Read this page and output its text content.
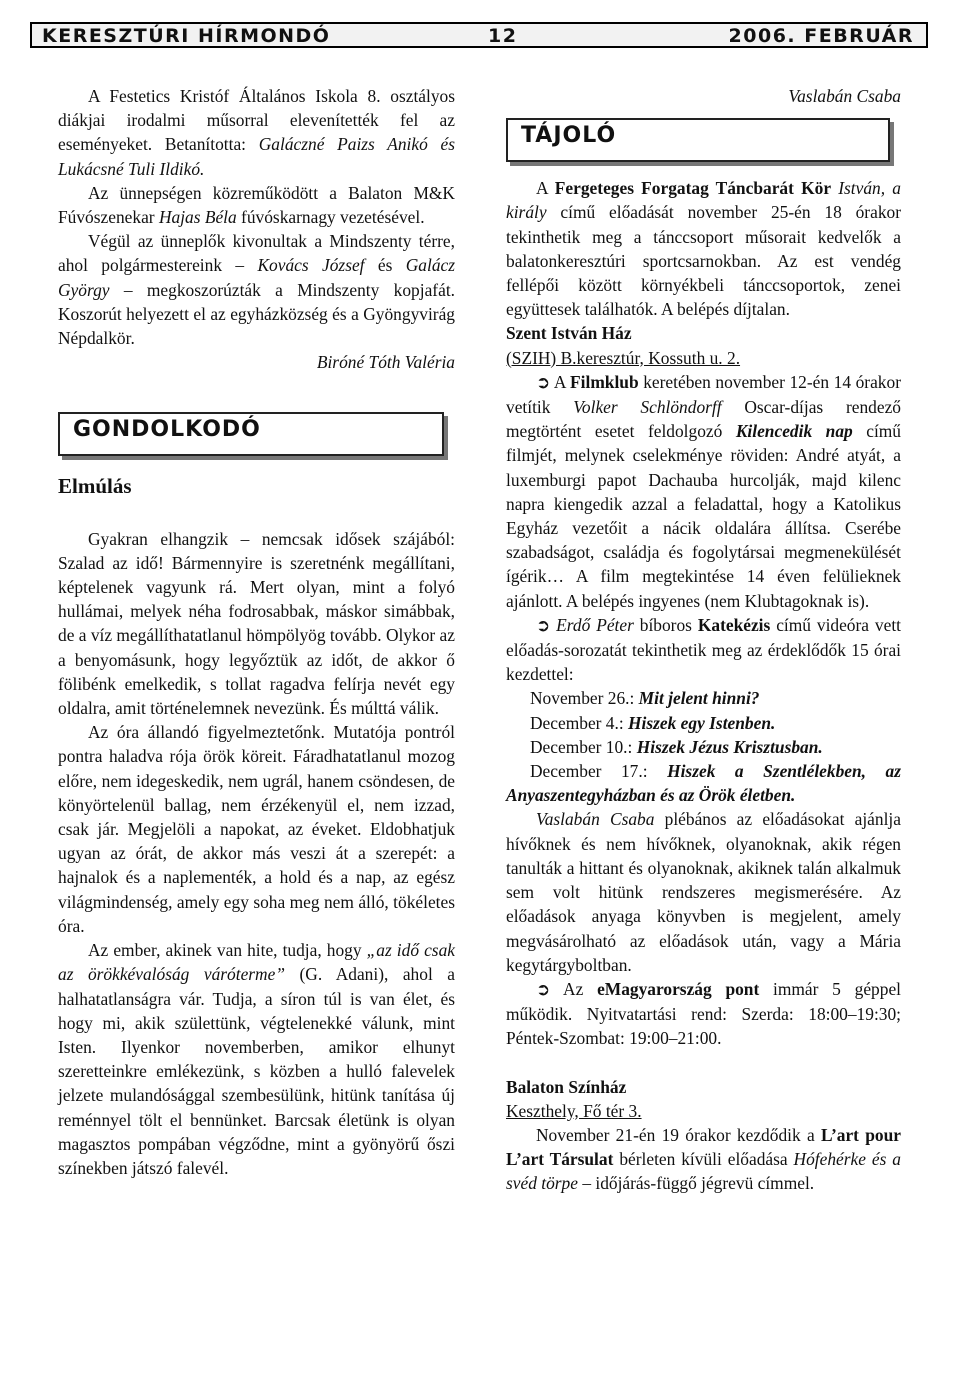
KERESZTÚRI HÍRMONDÓ	12	2006. FEBRUÁR

A Festetics Kristóf Általános Iskola 8. osztályos diákjai irodalmi műsorral elevenítették fel az eseményeket. Betanította: Galáczné Paizs Anikó és Lukácsné Tuli Ildikó.

Az ünnepségen közreműködött a Balaton M&K Fúvószenekar Hajas Béla fúvóskarnagy vezetésével.

Végül az ünneplők kivonultak a Mindszenty térre, ahol polgármestereink – Kovács József és Galácz György – megkoszorúzták a Mindszenty kopjafát. Koszorút helyezett el az egyházközség és a Gyöngyvirág Népdalkör.

Biróné Tóth Valéria

GONDOLKODÓ

Elmúlás

Gyakran elhangzik – nemcsak idősek szájából: Szalad az idő! Bármennyire is szeretnénk megállítani, képtelenek vagyunk rá. Mert olyan, mint a folyó hullámai, melyek néha fodrosabbak, máskor simábbak, de a víz megállíthatatlanul hömpölyög tovább. Olykor az a benyomásunk, hogy legyőztük az időt, de akkor ő fölibénk emelkedik, s tollat ragadva felírja nevét egy oldalra, amit történelemnek nevezünk. És múlttá válik.

Az óra állandó figyelmeztetőnk. Mutatója pontról pontra haladva rója örök köreit. Fáradhatatlanul mozog előre, nem idegeskedik, nem ugrál, hanem csöndesen, de könyörtelenül ballag, nem érzékenyül el, nem izzad, csak jár. Megjelöli a napokat, az éveket. Eldobhatjuk ugyan az órát, de akkor más veszi át a szerepét: a hajnalok és a naplementék, a hold és a nap, az egész világmindenség, amely egy soha meg nem álló, tökéletes óra.

Az ember, akinek van hite, tudja, hogy „az idő csak az örökkévalóság váróterme” (G. Adani), ahol a halhatatlanságra vár. Tudja, a síron túl is van élet, és hogy mi, akik születtünk, végtelenekké válunk, mint Isten. Ilyenkor novemberben, amikor elhunyt szeretteinkre emlékezünk, s közben a hulló falevelek jelzete mulandósággal szembesülünk, hitünk tanítása új reménnyel tölt el bennünket. Barcsak életünk is olyan magasztos pompában végződne, mint a gyönyörű őszi színekben játszó falevél.

Vaslabán Csaba

TÁJOLÓ

A Fergeteges Forgatag Táncbarát Kör István, a király című előadását november 25-én 18 órakor tekinthetik meg a tánccsoport műsorait kedvelők a balatonkeresztúri sportcsarnokban. Az est vendég fellépői között környékbeli tánccsoportok, zenei együttesek találhatók. A belépés díjtalan.

Szent István Ház

(SZIH) B.keresztúr, Kossuth u. 2.

➲ A Filmklub keretében november 12-én 14 órakor vetítik Volker Schlöndorff Oscar-díjas rendező megtörtént esetet feldolgozó Kilencedik nap című filmjét, melynek cselekménye röviden: André atyát, a luxemburgi papot Dachauba hurcolják, majd kilenc napra kiengedik azzal a feladattal, hogy a Katolikus Egyház vezetőit a nácik oldalára állítsa. Cserébe szabadságot, családja és fogolytársai megmenekülését ígérik… A film megtekintése 14 éven felülieknek ajánlott. A belépés ingyenes (nem Klubtagoknak is).

➲ Erdő Péter bíboros Katekézis című videóra vett előadás-sorozatát tekinthetik meg az érdeklődők 15 órai kezdettel:

November 26.: Mit jelent hinni?

December 4.: Hiszek egy Istenben.

December 10.: Hiszek Jézus Krisztusban.

December 17.: Hiszek a Szentlélekben, az Anyaszentegyházban és az Örök életben.

Vaslabán Csaba plébános az előadásokat ajánlja hívőknek és nem hívőknek, olyanoknak, akik régen tanulták a hittant és olyanoknak, akiknek talán alkalmuk sem volt hitünk rendszeres megismerésére. Az előadások anyaga könyvben is megjelent, amely megvásárolható az előadások után, vagy a Mária kegytárgyboltban.

➲ Az eMagyarország pont immár 5 géppel működik. Nyitvatartási rend: Szerda: 18:00–19:30; Péntek-Szombat: 19:00–21:00.

Balaton Színház

Keszthely, Fő tér 3.

November 21-én 19 órakor kezdődik a L’art pour L’art Társulat bérleten kívüli előadása Hófehérke és a svéd törpe – időjárás-függő jégrevü címmel.
